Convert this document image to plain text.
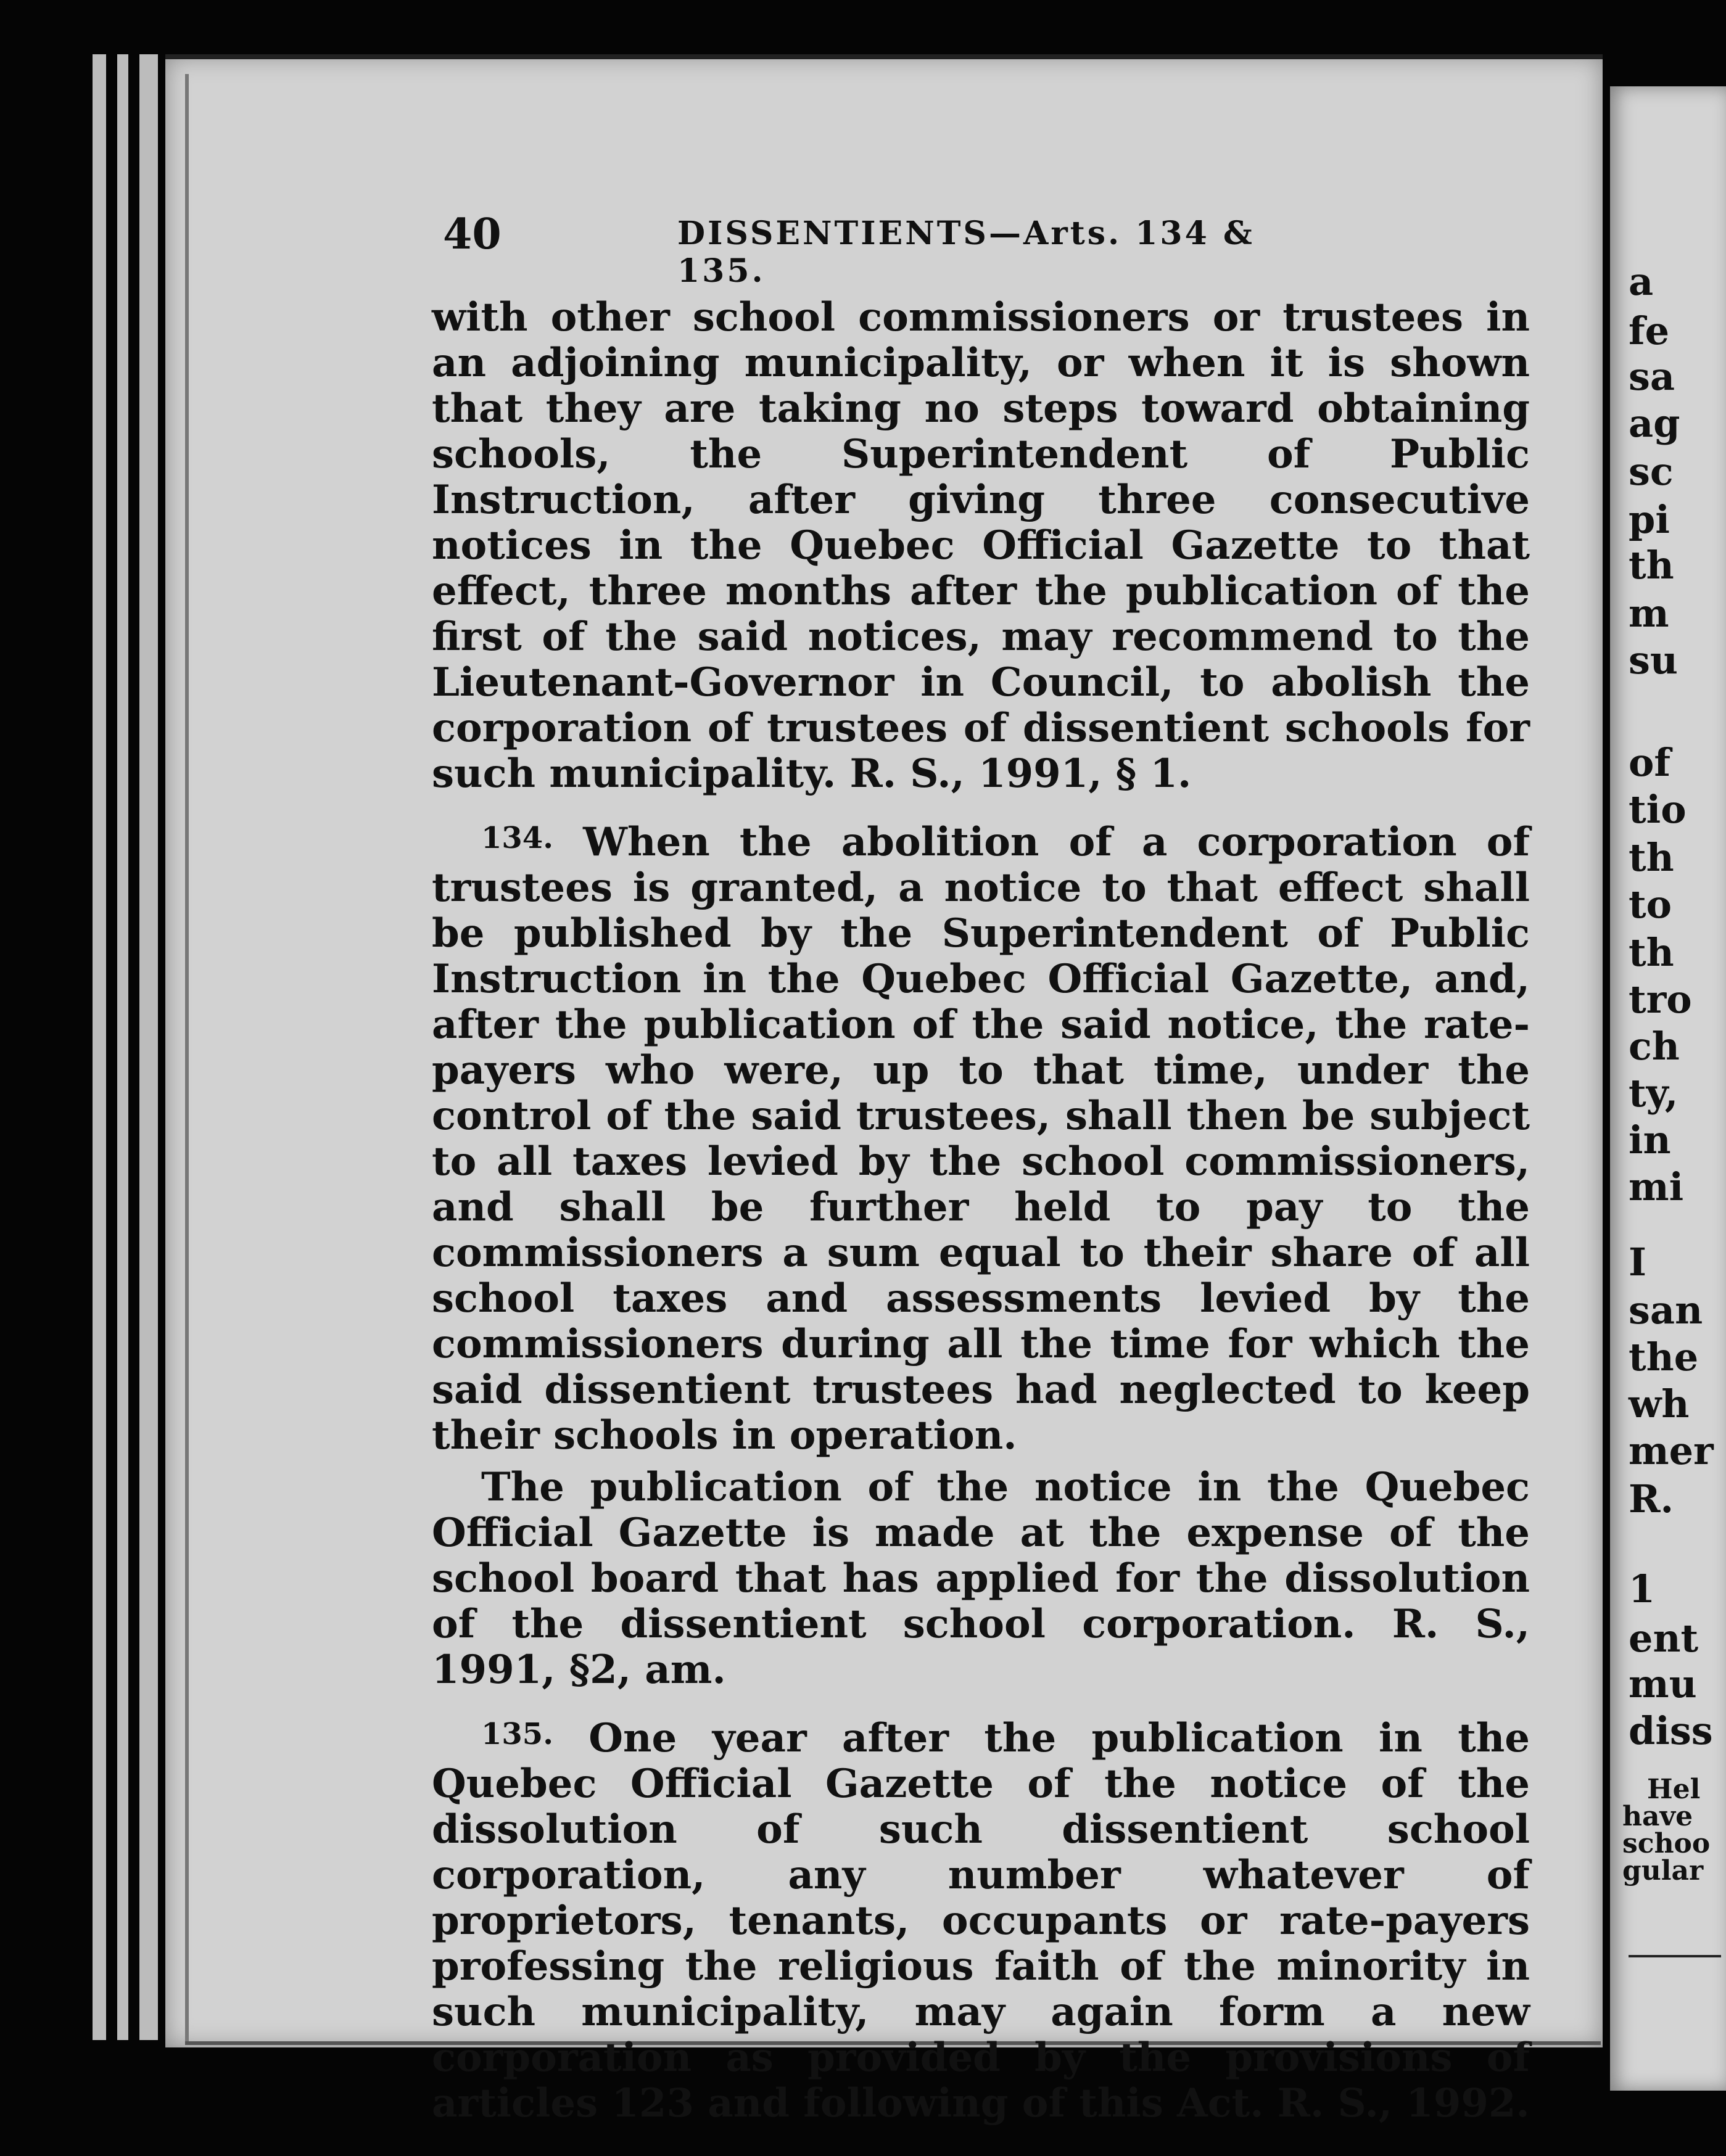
40	DISSENTIENTS—Arts. 134 & 135.

with other school commissioners or trustees in an adjoining municipality, or when it is shown that they are taking no steps toward obtaining schools, the Superintendent of Public Instruction, after giving three consecutive notices in the Quebec Official Gazette to that effect, three months after the publication of the first of the said notices, may recommend to the Lieutenant-Governor in Council, to abolish the corporation of trustees of dissentient schools for such municipality. R. S., 1991, § 1.

134. When the abolition of a corporation of trustees is granted, a notice to that effect shall be published by the Superintendent of Public Instruction in the Quebec Official Gazette, and, after the publication of the said notice, the rate-payers who were, up to that time, under the control of the said trustees, shall then be subject to all taxes levied by the school commissioners, and shall be further held to pay to the commissioners a sum equal to their share of all school taxes and assessments levied by the commissioners during all the time for which the said dissentient trustees had neglected to keep their schools in operation.

The publication of the notice in the Quebec Official Gazette is made at the expense of the school board that has applied for the dissolution of the dissentient school corporation. R. S., 1991, §2, am.

135. One year after the publication in the Quebec Official Gazette of the notice of the dissolution of such dissentient school corporation, any number whatever of proprietors, tenants, occupants or rate-payers professing the religious faith of the minority in such municipality, may again form a new corporation as provided by the provisions of articles 123 and following of this Act. R. S., 1992.

a
fe
sa
ag
sc
pi
th
m
su
of
tio
th
to
th
tro
ch
ty,
in
mi
I
san
the
wh
mer
R.
1
ent
mu
diss
Hel
have
schoo
gular
